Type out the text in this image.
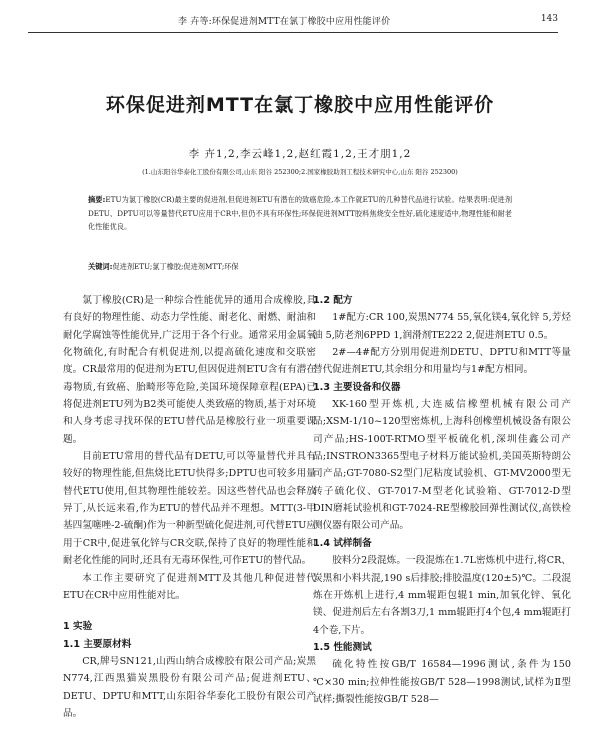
李 卉等:环保促进剂MTT在氯丁橡胶中应用性能评价	143
环保促进剂MTT在氯丁橡胶中应用性能评价
李 卉1,2,李云峰1,2,赵红霞1,2,王才朋1,2
(1.山东阳谷华泰化工股份有限公司,山东 阳谷 252300;2.国家橡胶助剂工程技术研究中心,山东 阳谷 252300)
摘要:ETU为氯丁橡胶(CR)最主要的促进剂,但促进剂ETU有潜在的致癌危险,本工作就ETU的几种替代品进行试验。结果表明:促进剂DETU、DPTU可以等量替代ETU应用于CR中,但仍不具有环保性;环保促进剂MTT胶料焦烧安全性好,硫化速度适中,物理性能和耐老化性能优良。
关键词:促进剂ETU;氯丁橡胶;促进剂MTT;环保

氯丁橡胶(CR)是一种综合性能优异的通用合成橡胶,具有良好的物理性能、动态力学性能、耐老化、耐燃、耐油和耐化学腐蚀等性能优异,广泛用于各个行业。通常采用金属氧化物硫化,有时配合有机促进剂,以提高硫化速度和交联密度。CR最常用的促进剂为ETU,但因促进剂ETU含有有潜在毒物质,有致癌、胎畸形等危险,美国环境保障章程(EPA)已将促进剂ETU列为B2类可能使人类致癌的物质,基于对环境和人身考虑寻找环保的ETU替代品是橡胶行业一项重要课题。

目前ETU常用的替代品有DETU,可以等量替代并具有较好的物理性能,但焦烧比ETU快得多;DPTU也可较多用量替代ETU使用,但其物理性能较差。因这些替代品也会释放异丁,从长远来看,作为ETU的替代品并不理想。MTT(3-甲基四氢噻唑-2-硫酮)作为一种新型硫化促进剂,可代替ETU应用于CR中,促进氧化锌与CR交联,保持了良好的物理性能和耐老化性能的同时,还具有无毒环保性,可作ETU的替代品。

本工作主要研究了促进剂MTT及其他几种促进替代ETU在CR中应用性能对比。

1 实验
1.1 主要原材料

CR,牌号SN121,山西山纳合成橡胶有限公司产品;炭黑N774,江西黑猫炭黑股份有限公司产品;促进剂ETU、DETU、DPTU和MTT,山东阳谷华泰化工股份有限公司产品。

1.2 配方

1#配方:CR 100,炭黑N774 55,氧化镁4,氧化锌 5,芳烃油 5,防老剂6PPD 1,润滑剂TE222 2,促进剂ETU 0.5。

2#—4#配方分别用促进剂DETU、DPTU和MTT等量替代促进剂ETU,其余组分和用量均与1#配方相同。

1.3 主要设备和仪器

XK-160型开炼机,大连威信橡塑机械有限公司产品;XSM-1/10~120型密炼机,上海科创橡塑机械设备有限公司产品;HS-100T-RTMO型平板硫化机,深圳佳鑫公司产品;INSTRON3365型电子材料万能试验机,美国英斯特朗公司产品;GT-7080-S2型门尼粘度试验机、GT-MV2000型无转子硫化仪、GT-7017-M型老化试验箱、GT-7012-D型DIN磨耗试验机和GT-7024-RE型橡胶回弹性测试仪,高铁检测仪器有限公司产品。

1.4 试样制备

胶料分2段混炼。一段混炼在1.7L密炼机中进行,将CR、炭黑和小料共混,190 s后排胶;排胶温度(120±5)℃。二段混炼在开炼机上进行,4 mm辊距包辊1 min,加氧化锌、氧化镁、促进剂后左右各割3刀,1 mm辊距打4个包,4 mm辊距打4个卷,下片。

1.5 性能测试

硫化特性按GB/T 16584—1996测试,条件为150 ℃×30 min;拉伸性能按GB/T 528—1998测试,试样为Ⅱ型试样;撕裂性能按GB/T 528—
